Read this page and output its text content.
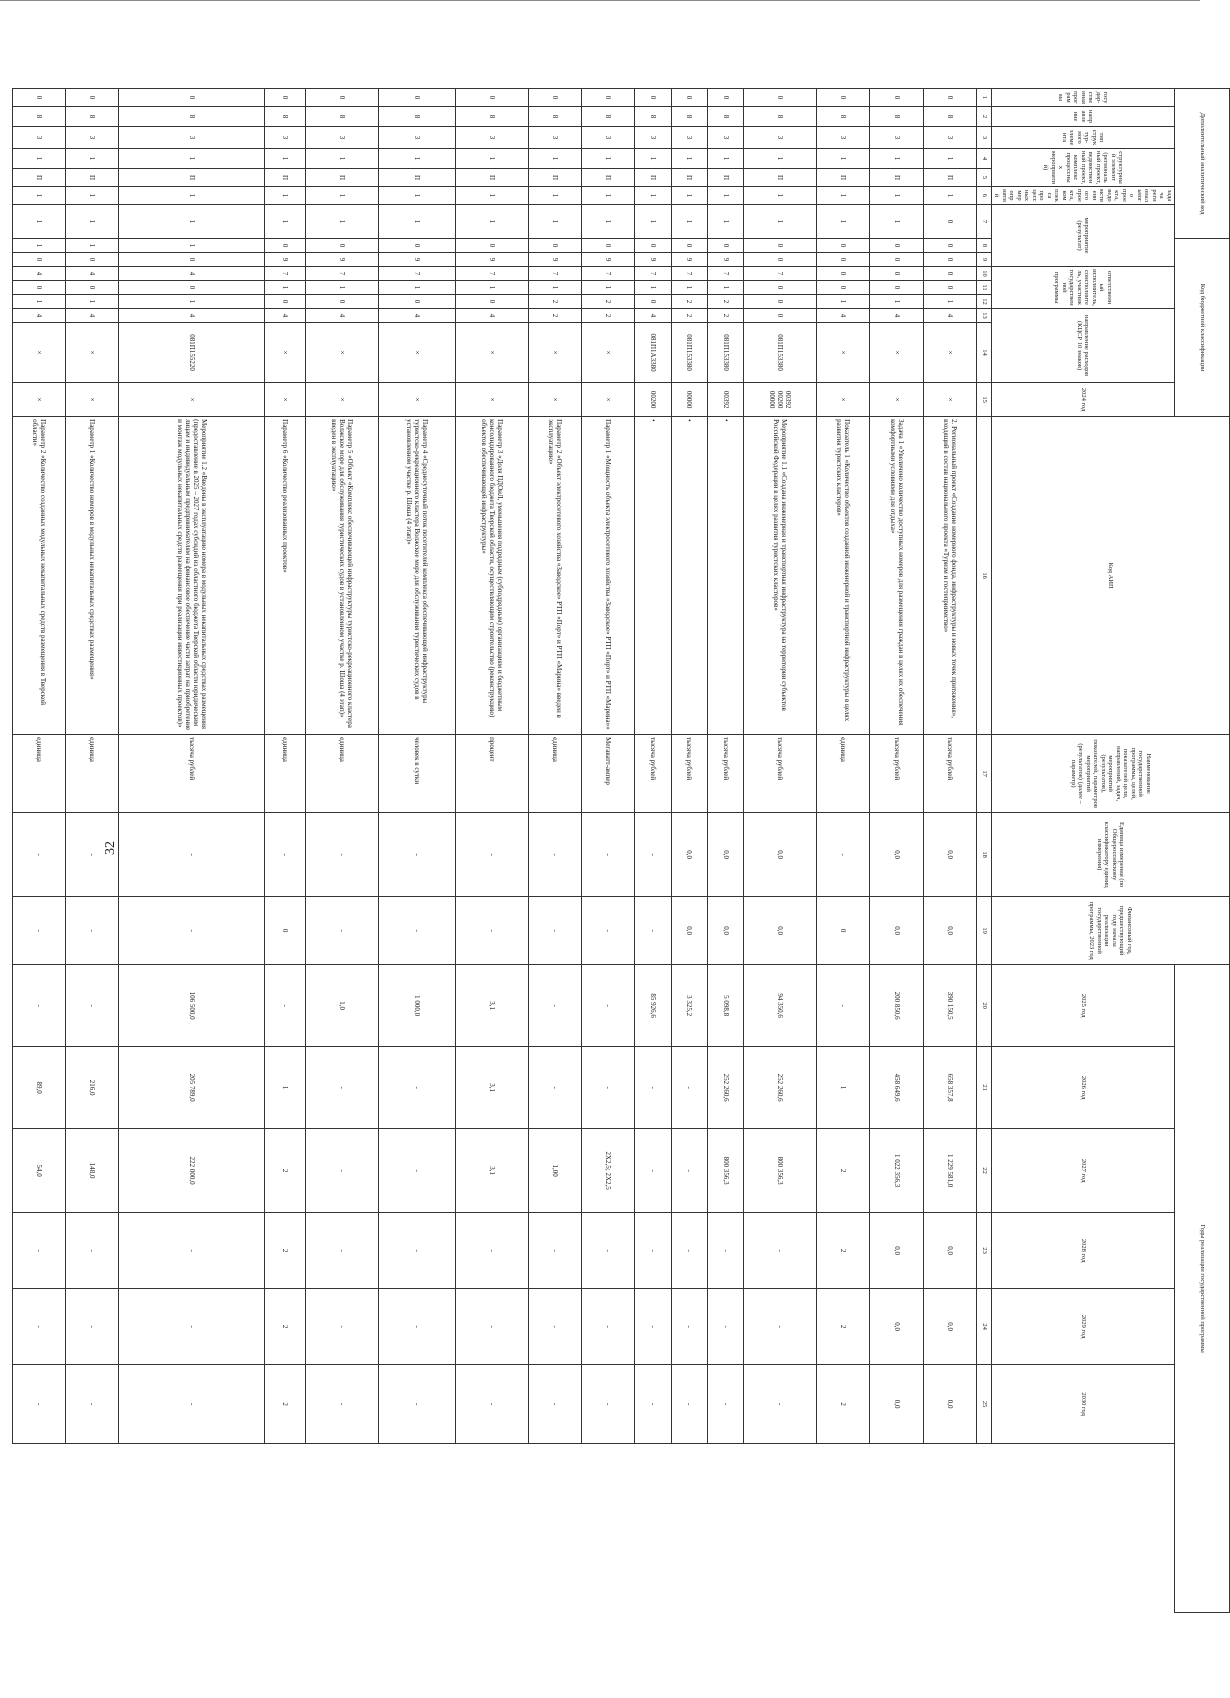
32
Дополнительный аналитический код							Код бюджетной классификации								Код АИП	Наименование государственной программы, целей, показателей цели, направлений, задач, мероприятий (результатов), показателей, параметров мероприятий (результатов) (далее – параметр)	Единица измерения (по Общероссийскому классификатору единиц измерения)	Финансовый год, предшествующий году начала реализации государственной программы, 2023 год	Годы реализации государственной программы					
государ-ственная программа	направление	тип структур-ного элемента	структурный элемент (региональный проект, ведомственный проект, комплекс процессных мероприятий)		задача регионального проекта, ведомственного проекта, комплекса процессных мероприятий	мероприятие (результат)			ответственный исполнитель, соисполнитель, участник государственной программы			направление расходов (КЦСР 10 знаков)		2024 год					2025 год	2026 год	2027 год	2028 год	2029 год	2030 год

1	2	3	4	5	6	7	8	9	10	11	12	13	14	15	16	17	18	19	20	21	22	23	24	25
0	8	3	1	П	1	0	0	0	0	0	1	4	×	×	2. Региональный проект «Создание номерного фонда, инфраструктуры и новых точек притяжения», входящий в состав национального проекта «Туризм и гостеприимство»	тысяча рублей	0,0	0,0	390 150,5	658 357,8	1 229 581,0	0,0	0,0	0,0
0	8	3	1	П	1	1	0	0	0	0	1	4	×	×	Задача 1 «Увеличено количество доступных номеров для размещения граждан в целях их обеспечения комфортными условиями для отдыха»	тысяча рублей	0,0	0,0	200 850,6	458 649,6	1 022 356,3	0,0	0,0	0,0
0	8	3	1	П	1	1	0	0	0	0	1	4	×	×	Показатель 1 «Количество объектов созданной инженерной и транспортной инфраструктуры в целях развития туристских кластеров»	единица	-	0	-	1	2	2	2	2
0	8	3	1	П	1	1	0	0	7	0	0	0	081П153380	00392 00200 00000	Мероприятие 1.1 «Создана инженерная и транспортная инфраструктура на территории субъектов Российской Федерации в целях развития туристских кластеров»	тысяча рублей	0,0	0,0	94 350,6	252 260,6	800 356,3	-	-	-
0	8	3	1	П	1	1	0	9	7	1	2	2	081П153380	00392	•	тысяча рублей	0,0	0,0	5 098,8	252 260,6	800 356,3	-	-	-
0	8	3	1	П	1	1	0	9	7	1	2	2	081П153380	00000	•	тысяча рублей	0,0	0,0	3 325,2	-	-	-	-	-
0	8	3	1	П	1	1	0	9	7	1	0	4	081П1А3380	00200	•	тысяча рублей	-	-	85 926,6	-	-	-	-	-
0	8	3	1	П	1	1	0	9	7	1	2	2	×	×	Параметр 1 «Мощность объекта электросетевого хозяйства «Заводское» РТП «Порт» и РТП «Марина»»	Мегаватт-ампер	-	-	-	-	2Х2,5; 2Х2,5	-	-	-
0	8	3	1	П	1	1	0	9	7	1	2	2	×	×	Параметр 2 «Объект электросетевого хозяйства «Заводское» РТП «Порт» и РТП «Марина» введен в эксплуатацию»	единица	-	-	-	-	1,00	-	-	-
0	8	3	1	П	1	1	0	9	7	1	0	4	×	×	Параметр 3 «Доля ПДОиЛ, уменьшения подрядным (субподрядным) организациям и бюджетным консолидированного бюджета Тверской области, осуществляющим строительство (реконструкцию) объектов обеспечивающей инфраструктуры»	процент	-	-	3,1	3,1	3,1	-	-	-
0	8	3	1	П	1	1	0	9	7	1	0	4	×	×	Параметр 4 «Среднесуточный поток посетителей комплекса обеспечивающей инфраструктуры туристско-рекреационного кластера Волжское море для обслуживания туристических судов в установленном участке р. Шоша (4 этап)»	человек в сутки	-	-	1 000,0	-	-	-	-	-
0	8	3	1	П	1	1	0	9	7	1	0	4	×	×	Параметр 5 «Объект «Комплекс обеспечивающей инфраструктуры туристско-рекреационного кластера Волжское море для обслуживания туристических судов в установленном участке р. Шоша (4 этап)» введен в эксплуатацию»	единица	-	-	1,0	-	-	-	-	-
0	8	3	1	П	1	1	0	9	7	1	0	4	×	×	Параметр 6 «Количество реализованных проектов»	единица	-	0	-	1	2	2	2	2
0	8	3	1	П	1	1	1	0	4	0	1	4	081П155220	×	Мероприятие 1.2 «Введены в эксплуатацию номера в модульных некапитальных средствах размещения (предоставление в 2025 – 2027 годах субсидий из областного бюджета Тверской области юридическим лицам и индивидуальным предпринимателям на финансовое обеспечение части затрат на приобретение и монтаж модульных некапитальных средств размещения при реализации инвестиционных проектов)»	тысяча рублей	-	-	106 500,0	205 789,0	222 000,0	-	-	-
0	8	3	1	П	1	1	1	0	4	0	1	4	×	×	Параметр 1 «Количество номеров в модульных некапитальных средствах размещения»	единица	-	-	-	216,0	148,0	-	-	-
0	8	3	1	П	1	1	1	0	4	0	1	4	×	×	Параметр 2 «Количество созданных модульных некапитальных средств размещения в Тверской области»	единица	-	-	-	89,0	54,0	-	-	-
